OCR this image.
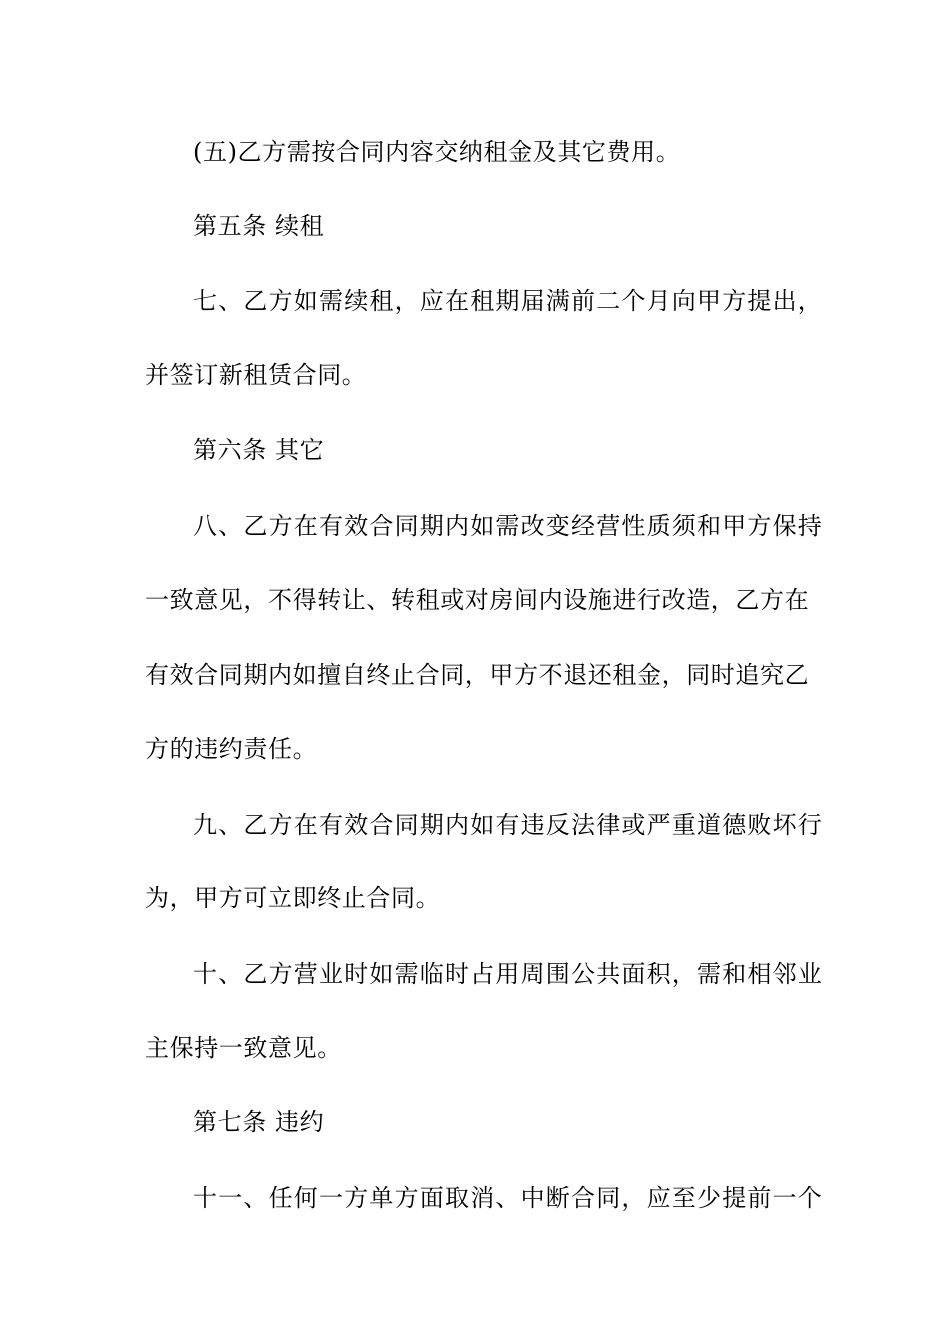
(五)乙方需按合同内容交纳租金及其它费用。
第五条 续租
七、乙方如需续租，应在租期届满前二个月向甲方提出，
并签订新租赁合同。
第六条 其它
八、乙方在有效合同期内如需改变经营性质须和甲方保持
一致意见，不得转让、转租或对房间内设施进行改造，乙方在
有效合同期内如擅自终止合同，甲方不退还租金，同时追究乙
方的违约责任。
九、乙方在有效合同期内如有违反法律或严重道德败坏行
为，甲方可立即终止合同。
十、乙方营业时如需临时占用周围公共面积，需和相邻业
主保持一致意见。
第七条 违约
十一、任何一方单方面取消、中断合同，应至少提前一个
